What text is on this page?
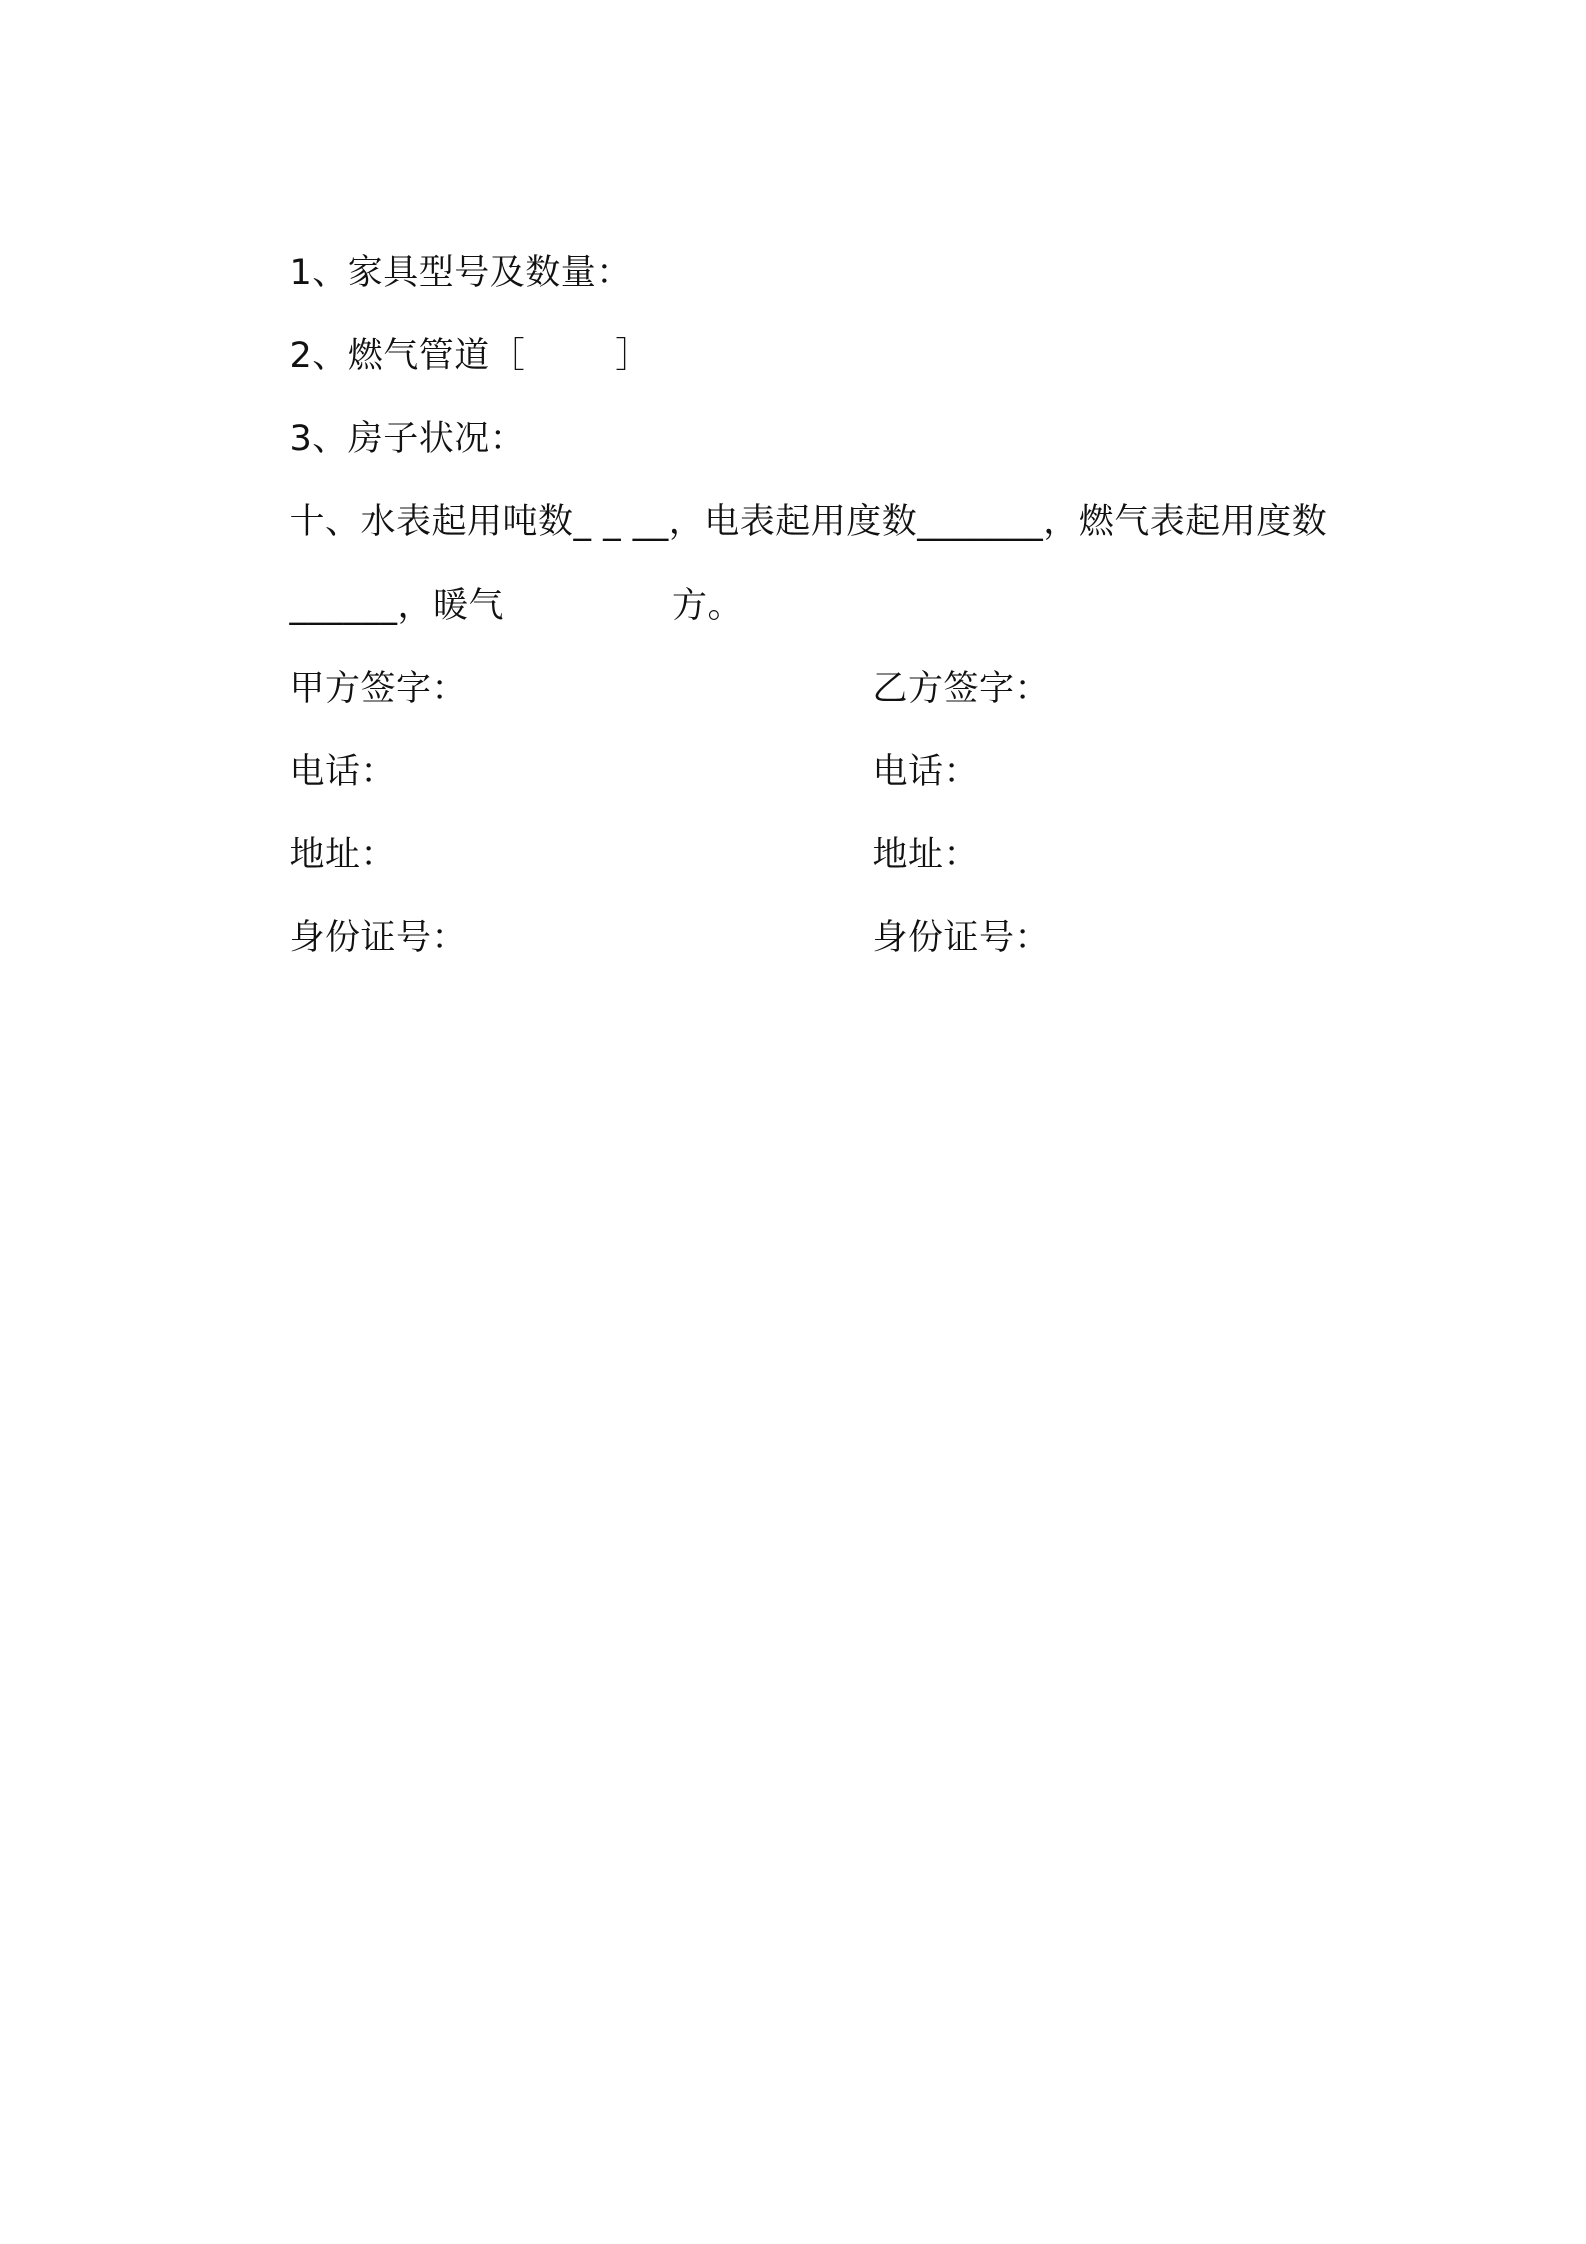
1、家具型号及数量：

2、燃气管道［	］

3、房子状况：

十、水表起用吨数_ _ __，电表起用度数_______，燃气表起用度数

______，暖气	方。

甲方签字：

电话：

地址：

身份证号：

乙方签字：

电话：

地址：

身份证号：
